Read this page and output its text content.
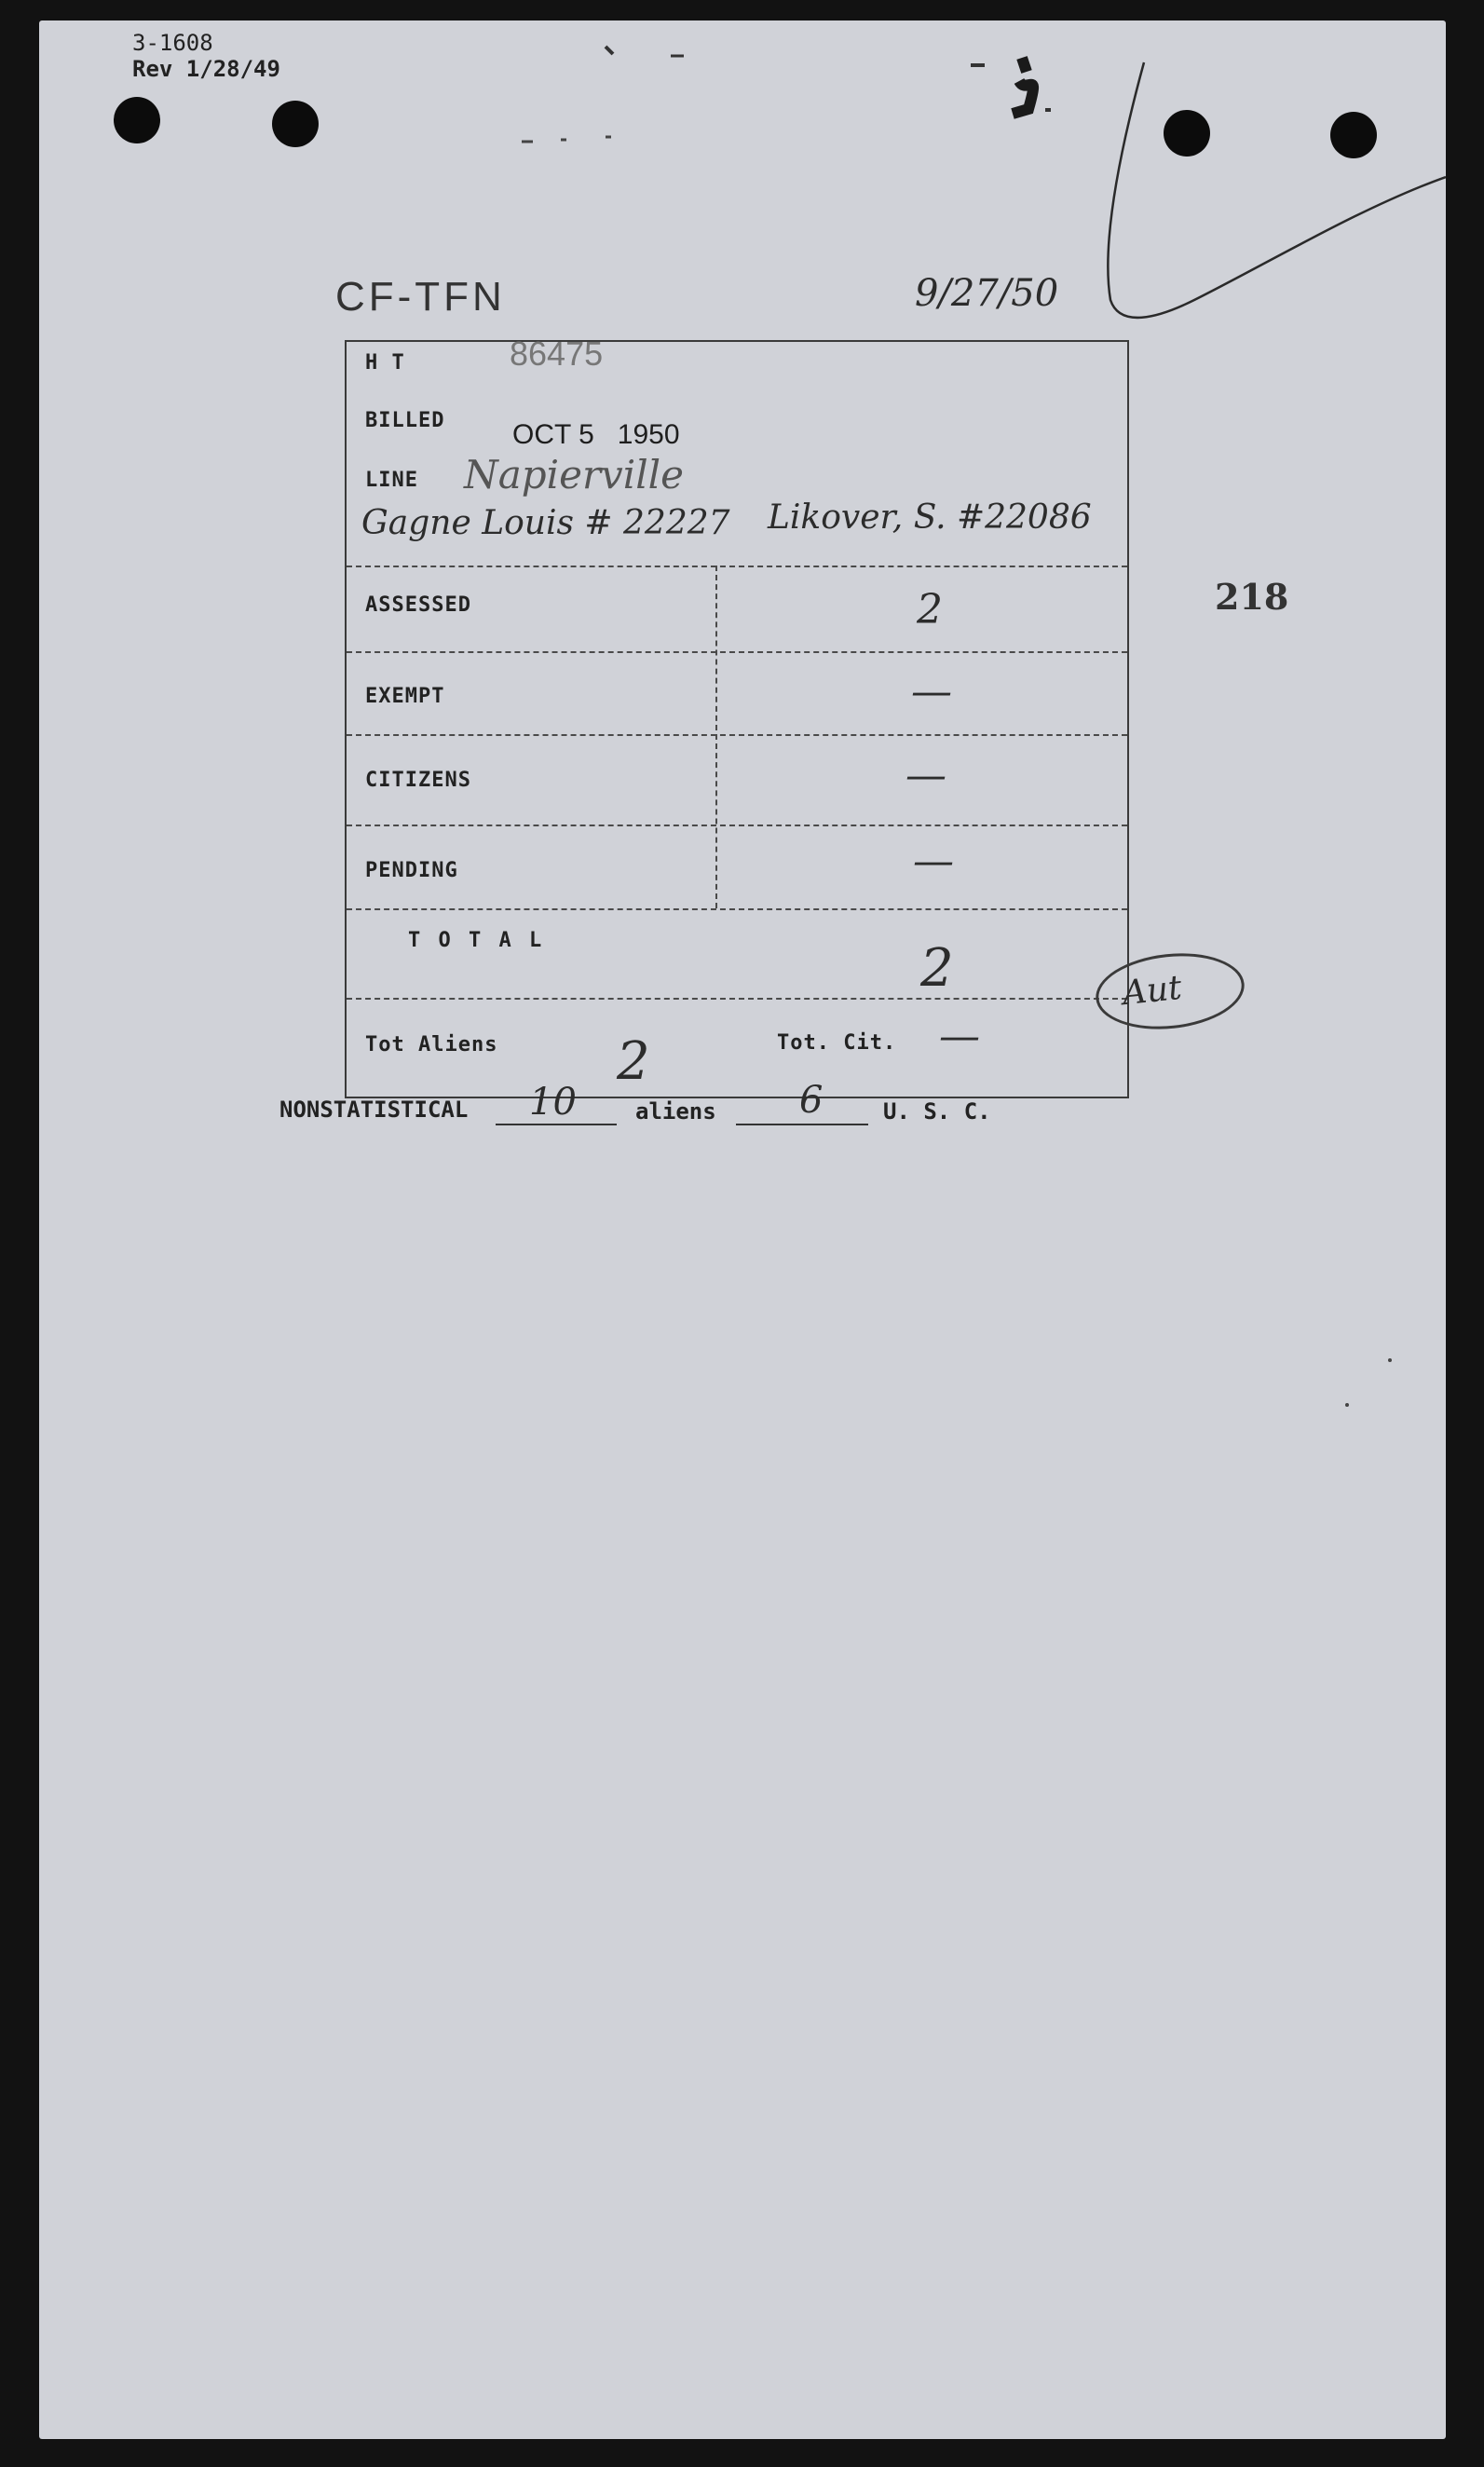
3-1608
Rev 1/28/49
CF-TFN	9/27/50
H T	86475
BILLED OCT 5   1950
LINE Napierville
Gagne Louis # 22227 Likover, S. #22086
ASSESSED	2
EXEMPT	—
CITIZENS	—
PENDING	—
T O T A L	2
Tot Aliens 2	Tot. Cit. —
218
Aut
NONSTATISTICAL 10	aliens 6	U. S. C.
